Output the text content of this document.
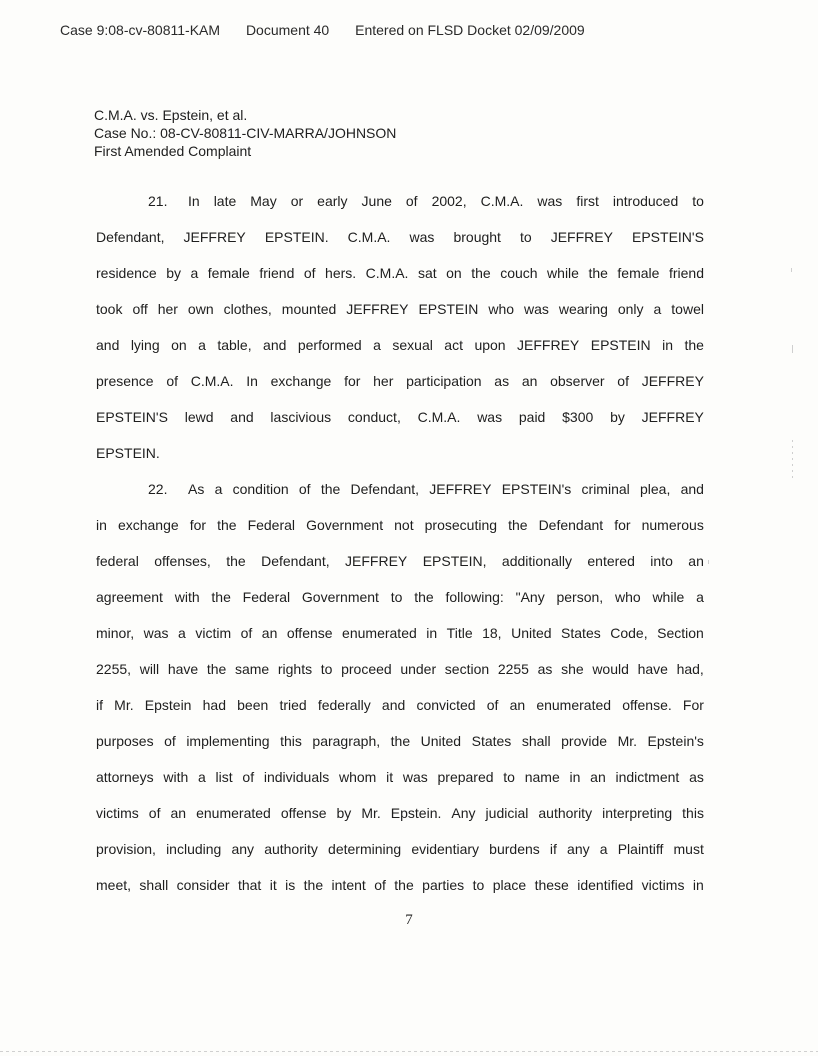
Case 9:08-cv-80811-KAM Document 40 Entered on FLSD Docket 02/09/2009
C.M.A. vs. Epstein, et al.
Case No.: 08-CV-80811-CIV-MARRA/JOHNSON
First Amended Complaint
21.	In late May or early June of 2002, C.M.A. was first introduced to
Defendant, JEFFREY EPSTEIN. C.M.A. was brought to JEFFREY EPSTEIN'S
residence by a female friend of hers. C.M.A. sat on the couch while the female friend
took off her own clothes, mounted JEFFREY EPSTEIN who was wearing only a towel
and lying on a table, and performed a sexual act upon JEFFREY EPSTEIN in the
presence of C.M.A. In exchange for her participation as an observer of JEFFREY
EPSTEIN'S lewd and lascivious conduct, C.M.A. was paid $300 by JEFFREY
EPSTEIN.
22.	As a condition of the Defendant, JEFFREY EPSTEIN's criminal plea, and
in exchange for the Federal Government not prosecuting the Defendant for numerous
federal offenses, the Defendant, JEFFREY EPSTEIN, additionally entered into an
agreement with the Federal Government to the following: "Any person, who while a
minor, was a victim of an offense enumerated in Title 18, United States Code, Section
2255, will have the same rights to proceed under section 2255 as she would have had,
if Mr. Epstein had been tried federally and convicted of an enumerated offense. For
purposes of implementing this paragraph, the United States shall provide Mr. Epstein's
attorneys with a list of individuals whom it was prepared to name in an indictment as
victims of an enumerated offense by Mr. Epstein. Any judicial authority interpreting this
provision, including any authority determining evidentiary burdens if any a Plaintiff must
meet, shall consider that it is the intent of the parties to place these identified victims in
7
